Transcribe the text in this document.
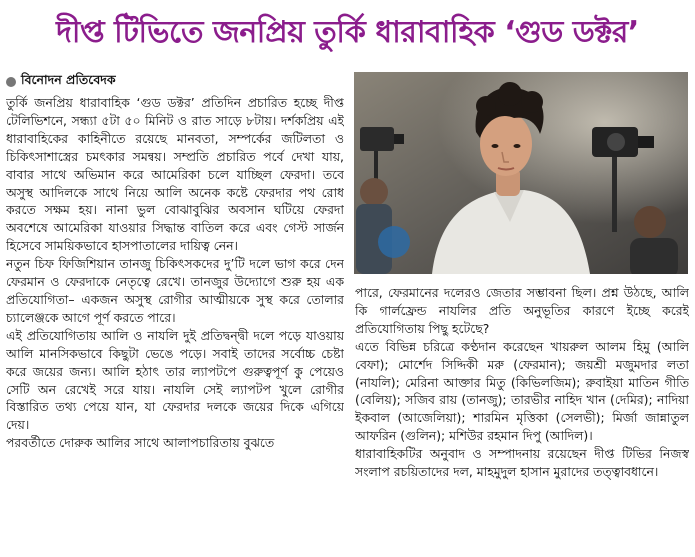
দীপ্ত টিভিতে জনপ্রিয় তুর্কি ধারাবাহিক ‘গুড ডক্টর’
বিনোদন প্রতিবেদক

তুর্কি জনপ্রিয় ধারাবাহিক ‘গুড ডক্টর’ প্রতিদিন প্রচারিত হচ্ছে দীপ্ত টেলিভিশনে, সন্ধ্যা ৫টা ৫০ মিনিট ও রাত সাড়ে ৮টায়। দর্শকপ্রিয় এই ধারাবাহিকের কাহিনীতে রয়েছে মানবতা, সম্পর্কের জটিলতা ও চিকিৎসাশাস্ত্রের চমৎকার সমন্বয়। সম্প্রতি প্রচারিত পর্বে দেখা যায়, বাবার সাথে অভিমান করে আমেরিকা চলে যাচ্ছিল ফেরদা। তবে অসুস্থ আদিলকে সাথে নিয়ে আলি অনেক কষ্টে ফেরদার পথ রোধ করতে সক্ষম হয়। নানা ভুল বোঝাবুঝির অবসান ঘটিয়ে ফেরদা অবশেষে আমেরিকা যাওয়ার সিদ্ধান্ত বাতিল করে এবং গেস্ট সার্জন হিসেবে সাময়িকভাবে হাসপাতালের দায়িত্ব নেন।

নতুন চিফ ফিজিশিয়ান তানজু চিকিৎসকদের দু’টি দলে ভাগ করে দেন ফেরমান ও ফেরদাকে নেতৃত্বে রেখে। তানজুর উদ্যোগে শুরু হয় এক প্রতিযোগিতা– একজন অসুস্থ রোগীর আত্মীয়কে সুস্থ করে তোলার চ্যালেঞ্জকে আগে পূর্ণ করতে পারে।

এই প্রতিযোগিতায় আলি ও নাযলি দুই প্রতিদ্বন্দ্বী দলে পড়ে যাওয়ায় আলি মানসিকভাবে কিছুটা ভেঙে পড়ে। সবাই তাদের সর্বোচ্চ চেষ্টা করে জয়ের জন্য। আলি হঠাৎ তার ল্যাপটপে গুরুত্বপূর্ণ কু পেয়েও সেটি অন রেখেই সরে যায়। নাযলি সেই ল্যাপটপ খুলে রোগীর বিস্তারিত তথ্য পেয়ে যান, যা ফেরদার দলকে জয়ের দিকে এগিয়ে দেয়।

পরবর্তীতে দোরুক আলির সাথে আলাপচারিতায় বুঝতে

পারে, ফেরমানের দলেরও জেতার সম্ভাবনা ছিল। প্রশ্ন উঠছে, আলি কি গার্লফ্রেন্ড নাযলির প্রতি অনুভূতির কারণে ইচ্ছে করেই প্রতিযোগিতায় পিছু হটেছে?

এতে বিভিন্ন চরিত্রে কণ্ঠদান করেছেন খায়রুল আলম হিমু (আলি বেফা); মোর্শেদ সিদ্দিকী মরু (ফেরমান); জয়শ্রী মজুমদার লতা (নাযলি); মেরিনা আক্তার মিতু (কিভিলজিম); রুবাইয়া মাতিন গীতি (বেলিয়); সজিব রায় (তানজু); তারভীর নাহিদ খান (দেমির); নাদিয়া ইকবাল (আজেলিয়া); শারমিন মৃত্তিকা (সেলভী); মির্জা জান্নাতুল আফরিন (গুলিন); মশিউর রহমান দিপু (আদিল)।

ধারাবাহিকটির অনুবাদ ও সম্পাদনায় রয়েছেন দীপ্ত টিভির নিজস্ব সংলাপ রচয়িতাদের দল, মাহমুদুল হাসান মুরাদের তত্ত্বাবধানে।
